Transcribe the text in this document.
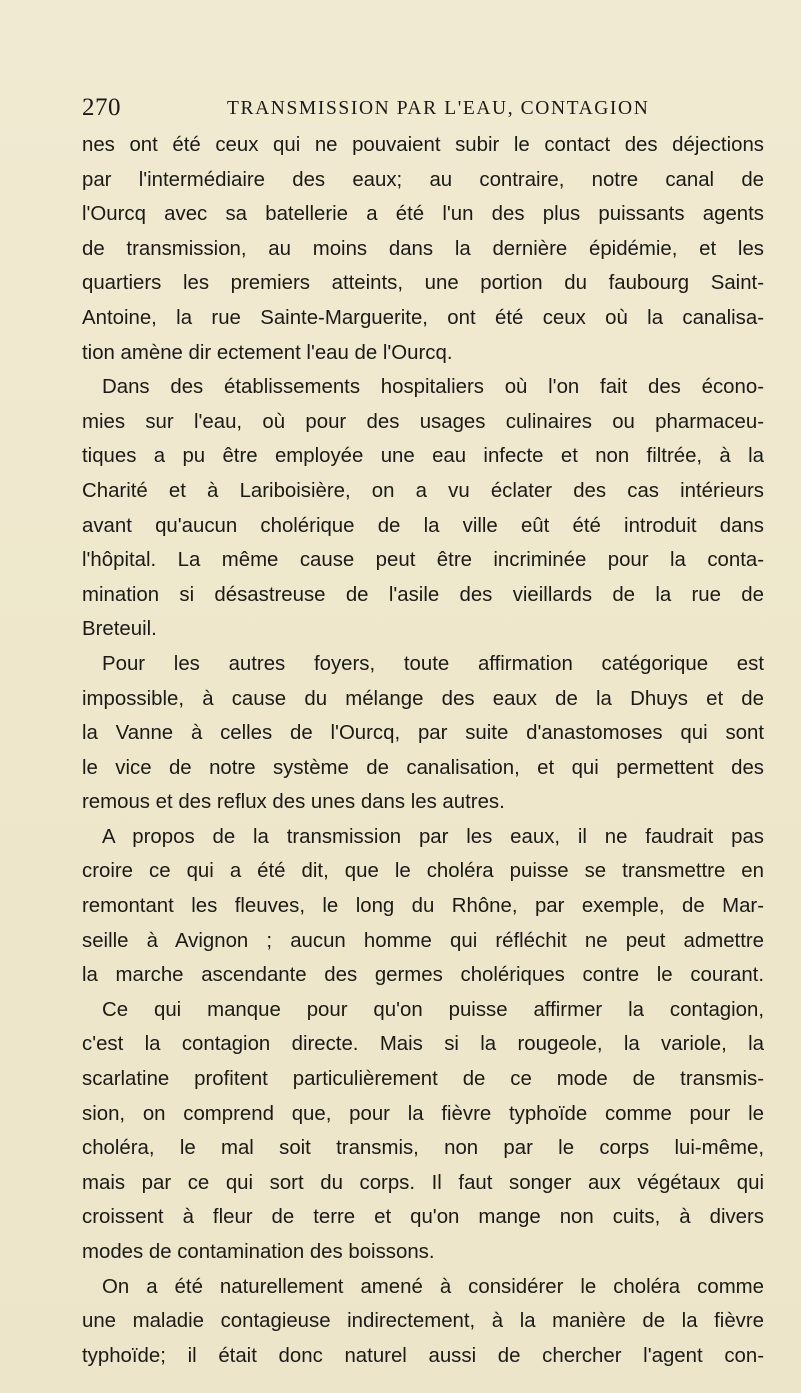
270	TRANSMISSION PAR L'EAU, CONTAGION
nes ont été ceux qui ne pouvaient subir le contact des déjections
par l'intermédiaire des eaux; au contraire, notre canal de
l'Ourcq avec sa batellerie a été l'un des plus puissants agents
de transmission, au moins dans la dernière épidémie, et les
quartiers les premiers atteints, une portion du faubourg Saint-
Antoine, la rue Sainte-Marguerite, ont été ceux où la canalisa-
tion amène dir ectement l'eau de l'Ourcq.
Dans des établissements hospitaliers où l'on fait des écono-
mies sur l'eau, où pour des usages culinaires ou pharmaceu-
tiques a pu être employée une eau infecte et non filtrée, à la
Charité et à Lariboisière, on a vu éclater des cas intérieurs
avant qu'aucun cholérique de la ville eût été introduit dans
l'hôpital. La même cause peut être incriminée pour la conta-
mination si désastreuse de l'asile des vieillards de la rue de
Breteuil.
Pour les autres foyers, toute affirmation catégorique est
impossible, à cause du mélange des eaux de la Dhuys et de
la Vanne à celles de l'Ourcq, par suite d'anastomoses qui sont
le vice de notre système de canalisation, et qui permettent des
remous et des reflux des unes dans les autres.
A propos de la transmission par les eaux, il ne faudrait pas
croire ce qui a été dit, que le choléra puisse se transmettre en
remontant les fleuves, le long du Rhône, par exemple, de Mar-
seille à Avignon ; aucun homme qui réfléchit ne peut admettre
la marche ascendante des germes cholériques contre le courant.
Ce qui manque pour qu'on puisse affirmer la contagion,
c'est la contagion directe. Mais si la rougeole, la variole, la
scarlatine profitent particulièrement de ce mode de transmis-
sion, on comprend que, pour la fièvre typhoïde comme pour le
choléra, le mal soit transmis, non par le corps lui-même,
mais par ce qui sort du corps. Il faut songer aux végétaux qui
croissent à fleur de terre et qu'on mange non cuits, à divers
modes de contamination des boissons.
On a été naturellement amené à considérer le choléra comme
une maladie contagieuse indirectement, à la manière de la fièvre
typhoïde; il était donc naturel aussi de chercher l'agent con-
